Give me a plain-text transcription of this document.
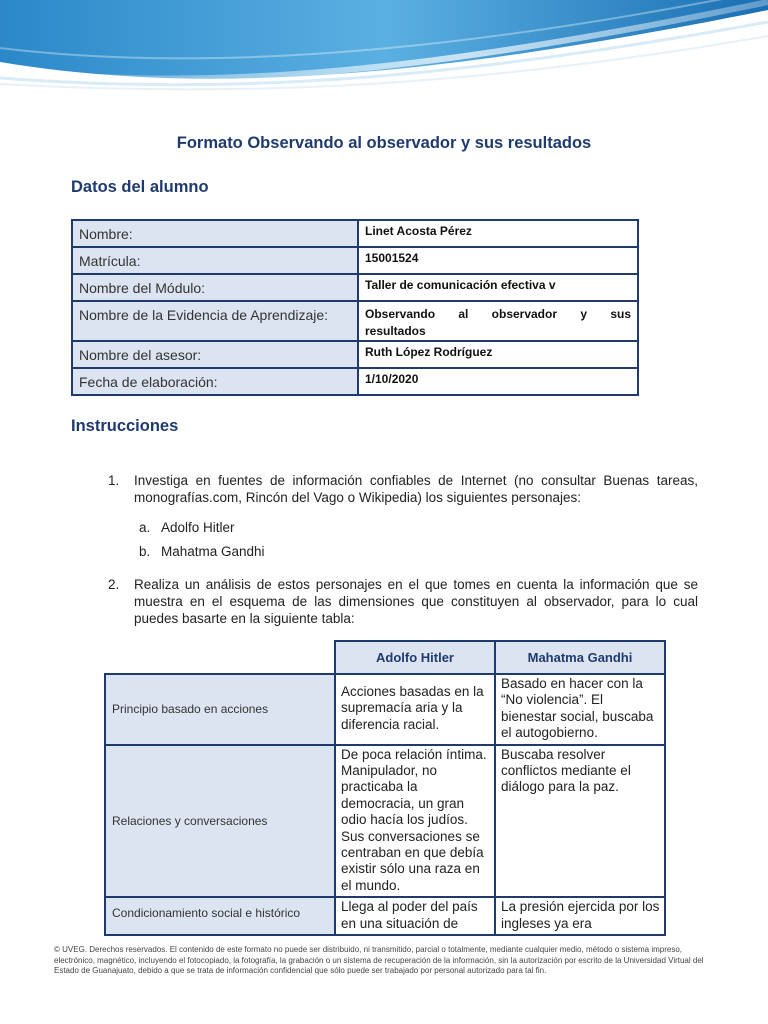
Formato Observando al observador y sus resultados
Datos del alumno
Nombre:	Linet Acosta Pérez
Matrícula:	15001524
Nombre del Módulo:	Taller de comunicación efectiva v
Nombre de la Evidencia de Aprendizaje:	Observando al observador y sus
resultados

Nombre del asesor:	Ruth López Rodríguez
Fecha de elaboración:	1/10/2020
Instrucciones
1. Investiga en fuentes de información confiables de Internet (no consultar Buenas tareas, monografías.com, Rincón del Vago o Wikipedia) los siguientes personajes:
a. Adolfo Hitler
b. Mahatma Gandhi
2. Realiza un análisis de estos personajes en el que tomes en cuenta la información que se muestra en el esquema de las dimensiones que constituyen al observador, para lo cual puedes basarte en la siguiente tabla:
	Adolfo Hitler	Mahatma Gandhi
Principio basado en acciones	Acciones basadas en la supremacía aria y la diferencia racial.	Basado en hacer con la “No violencia”. El bienestar social, buscaba el autogobierno.
Relaciones y conversaciones	De poca relación íntima. Manipulador, no practicaba la democracia, un gran odio hacía los judíos. Sus conversaciones se centraban en que debía existir sólo una raza en el mundo.	Buscaba resolver conflictos mediante el diálogo para la paz.
Condicionamiento social e histórico	Llega al poder del país en una situación de	La presión ejercida por los ingleses ya era
© UVEG. Derechos reservados. El contenido de este formato no puede ser distribuido, ni transmitido, parcial o totalmente, mediante cualquier medio, método o sistema impreso, electrónico, magnético, incluyendo el fotocopiado, la fotografía, la grabación o un sistema de recuperación de la información, sin la autorización por escrito de la Universidad Virtual del Estado de Guanajuato, debido a que se trata de información confidencial que sólo puede ser trabajado por personal autorizado para tal fin.
